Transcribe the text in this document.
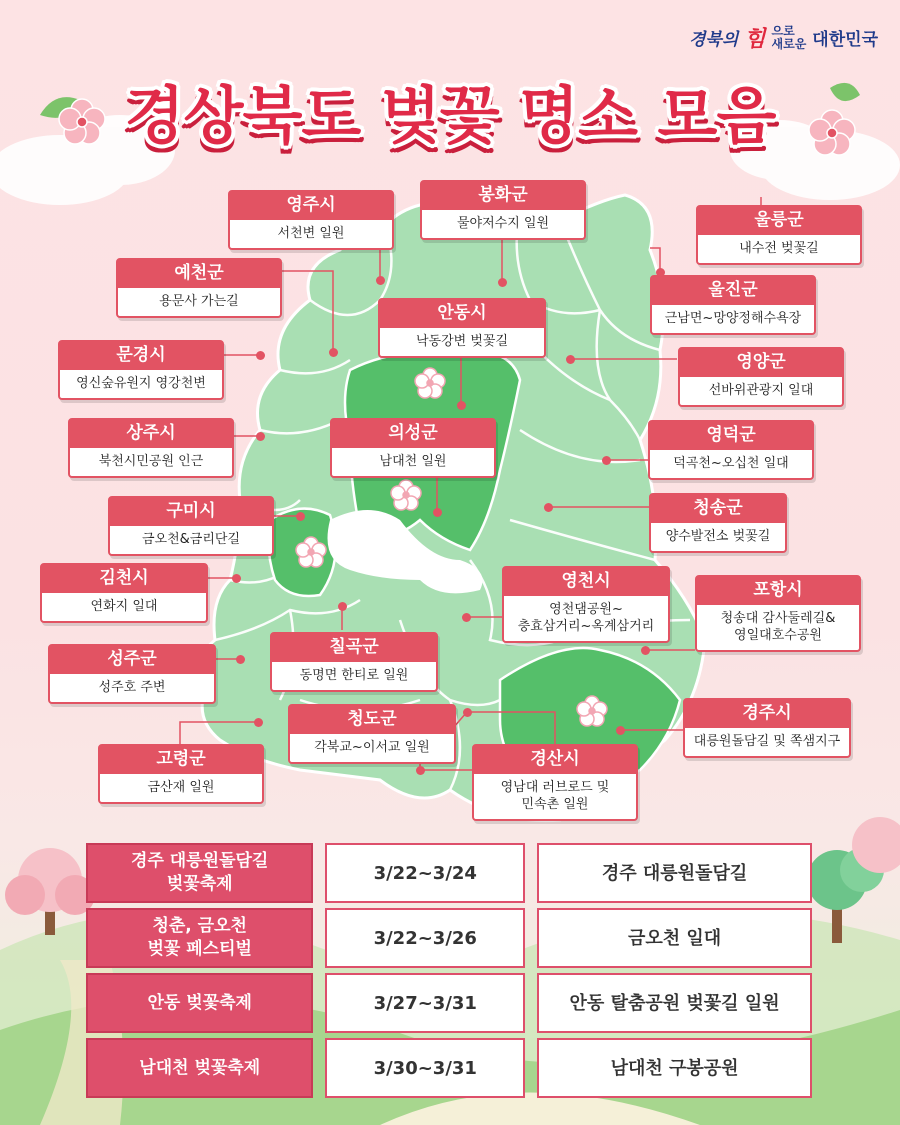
경북의 힘 으로
새로운 대한민국
경상북도 벚꽃 명소 모음
영주시
서천변 일원
봉화군
물야저수지 일원	울릉군
내수전 벚꽃길
예천군
용문사 가는길
울진군
근남면~망양정해수욕장
안동시
낙동강변 벚꽃길
문경시
영신숲유원지 영강천변
영양군
선바위관광지 일대
상주시
북천시민공원 인근
의성군
남대천 일원
영덕군
덕곡천~오십천 일대
구미시
금오천&금리단길
청송군
양수발전소 벚꽃길
김천시
연화지 일대
영천시
영천댐공원~
충효삼거리~옥계삼거리
포항시
청송대 감사둘레길&
영일대호수공원
칠곡군
동명면 한티로 일원
성주군
성주호 주변
청도군
각북교~이서교 일원
경주시
대릉원돌담길 및 쪽샘지구
고령군
금산재 일원
경산시
영남대 러브로드 및
민속촌 일원
경주 대릉원돌담길
벚꽃축제
3/22~3/24	경주 대릉원돌담길
청춘, 금오천
벚꽃 페스티벌
3/22~3/26	금오천 일대
안동 벚꽃축제	3/27~3/31	안동 탈춤공원 벚꽃길 일원
남대천 벚꽃축제	3/30~3/31	남대천 구봉공원
